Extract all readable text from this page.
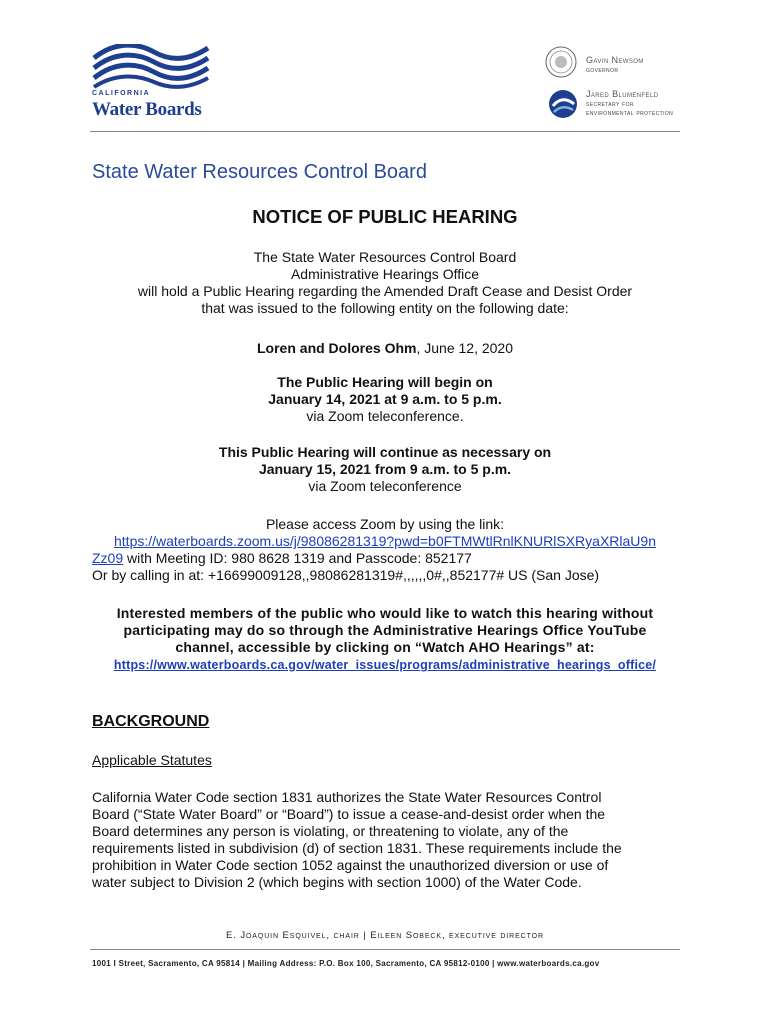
CALIFORNIA
Water Boards
Gavin Newsom
governor
Jared Blumenfeld
secretary for
environmental protection
State Water Resources Control Board
NOTICE OF PUBLIC HEARING
The State Water Resources Control Board
Administrative Hearings Office
will hold a Public Hearing regarding the Amended Draft Cease and Desist Order
that was issued to the following entity on the following date:
Loren and Dolores Ohm, June 12, 2020
The Public Hearing will begin on
January 14, 2021 at 9 a.m. to 5 p.m.
via Zoom teleconference.
This Public Hearing will continue as necessary on
January 15, 2021 from 9 a.m. to 5 p.m.
via Zoom teleconference
Please access Zoom by using the link:
https://waterboards.zoom.us/j/98086281319?pwd=b0FTMWtlRnlKNURlSXRyaXRlaU9n
Zz09 with Meeting ID: 980 8628 1319 and Passcode: 852177
Or by calling in at: +16699009128,,98086281319#,,,,,,0#,,852177# US (San Jose)
Interested members of the public who would like to watch this hearing without
participating may do so through the Administrative Hearings Office YouTube
channel, accessible by clicking on “Watch AHO Hearings” at:
https://www.waterboards.ca.gov/water_issues/programs/administrative_hearings_office/
BACKGROUND
Applicable Statutes
California Water Code section 1831 authorizes the State Water Resources Control
Board (“State Water Board” or “Board”) to issue a cease-and-desist order when the
Board determines any person is violating, or threatening to violate, any of the
requirements listed in subdivision (d) of section 1831. These requirements include the
prohibition in Water Code section 1052 against the unauthorized diversion or use of
water subject to Division 2 (which begins with section 1000) of the Water Code.
E. Joaquin Esquivel, chair | Eileen Sobeck, executive director
1001 I Street, Sacramento, CA 95814 | Mailing Address: P.O. Box 100, Sacramento, CA 95812-0100 | www.waterboards.ca.gov
